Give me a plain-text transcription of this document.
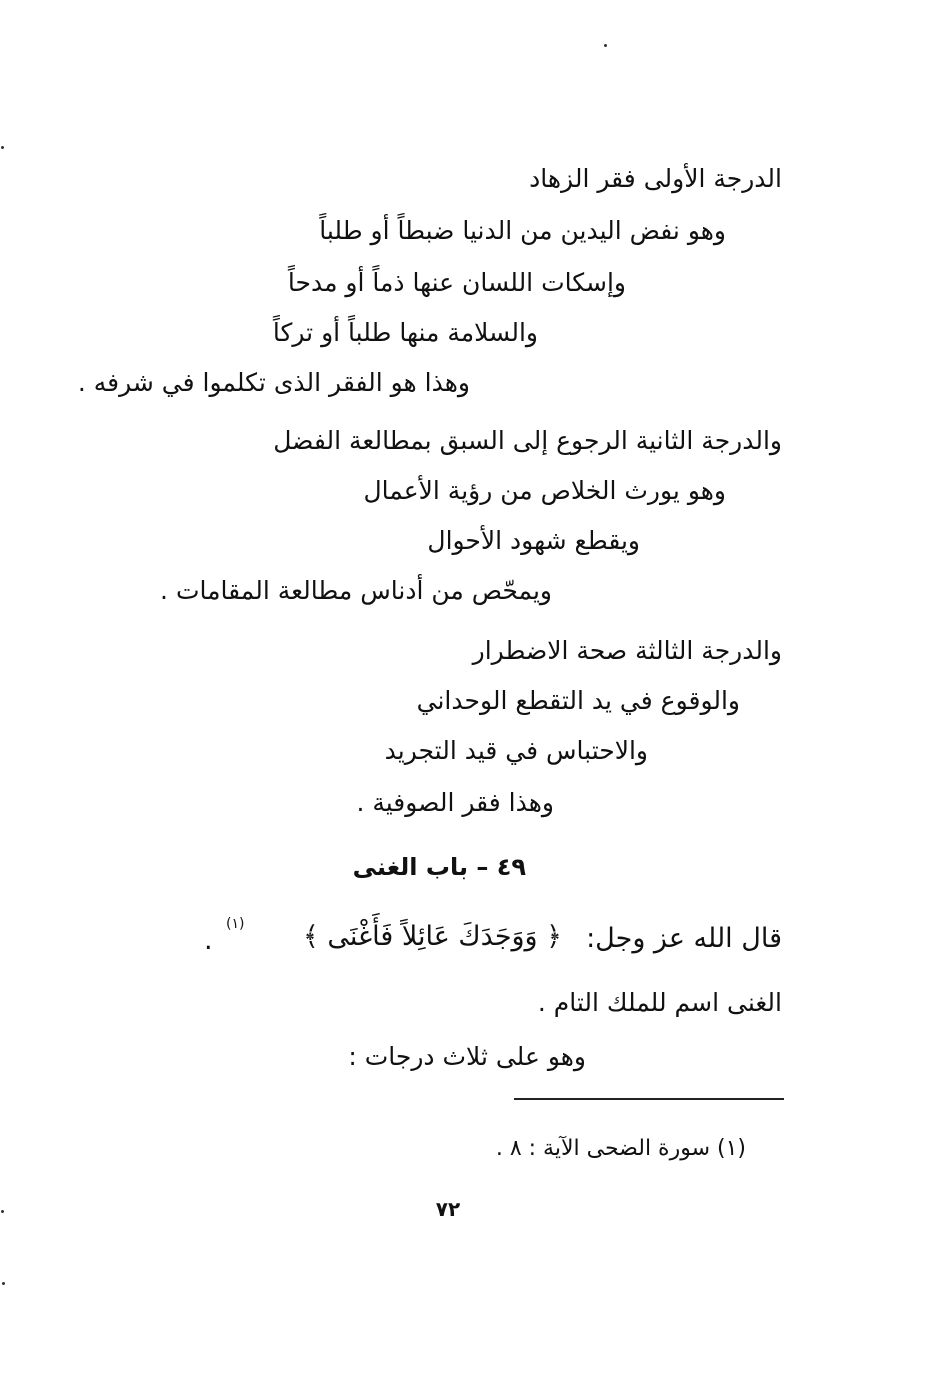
الدرجة الأولى فقر الزهاد
وهو نفض اليدين من الدنيا ضبطاً أو طلباً
وإسكات اللسان عنها ذماً أو مدحاً
والسلامة منها طلباً أو تركاً
وهذا هو الفقر الذى تكلموا في شرفه .
والدرجة الثانية الرجوع إلى السبق بمطالعة الفضل
وهو يورث الخلاص من رؤية الأعمال
ويقطع شهود الأحوال
ويمحّص من أدناس مطالعة المقامات .
والدرجة الثالثة صحة الاضطرار
والوقوع في يد التقطع الوحداني
والاحتباس في قيد التجريد
وهذا فقر الصوفية .
٤٩ – باب الغنى
قال الله عز وجل:
﴿ وَوَجَدَكَ عَائِلاً فَأَغْنَى ﴾
(١)
.
الغنى اسم للملك التام .
وهو على ثلاث درجات :
(١) سورة الضحى الآية : ٨ .
٧٢
